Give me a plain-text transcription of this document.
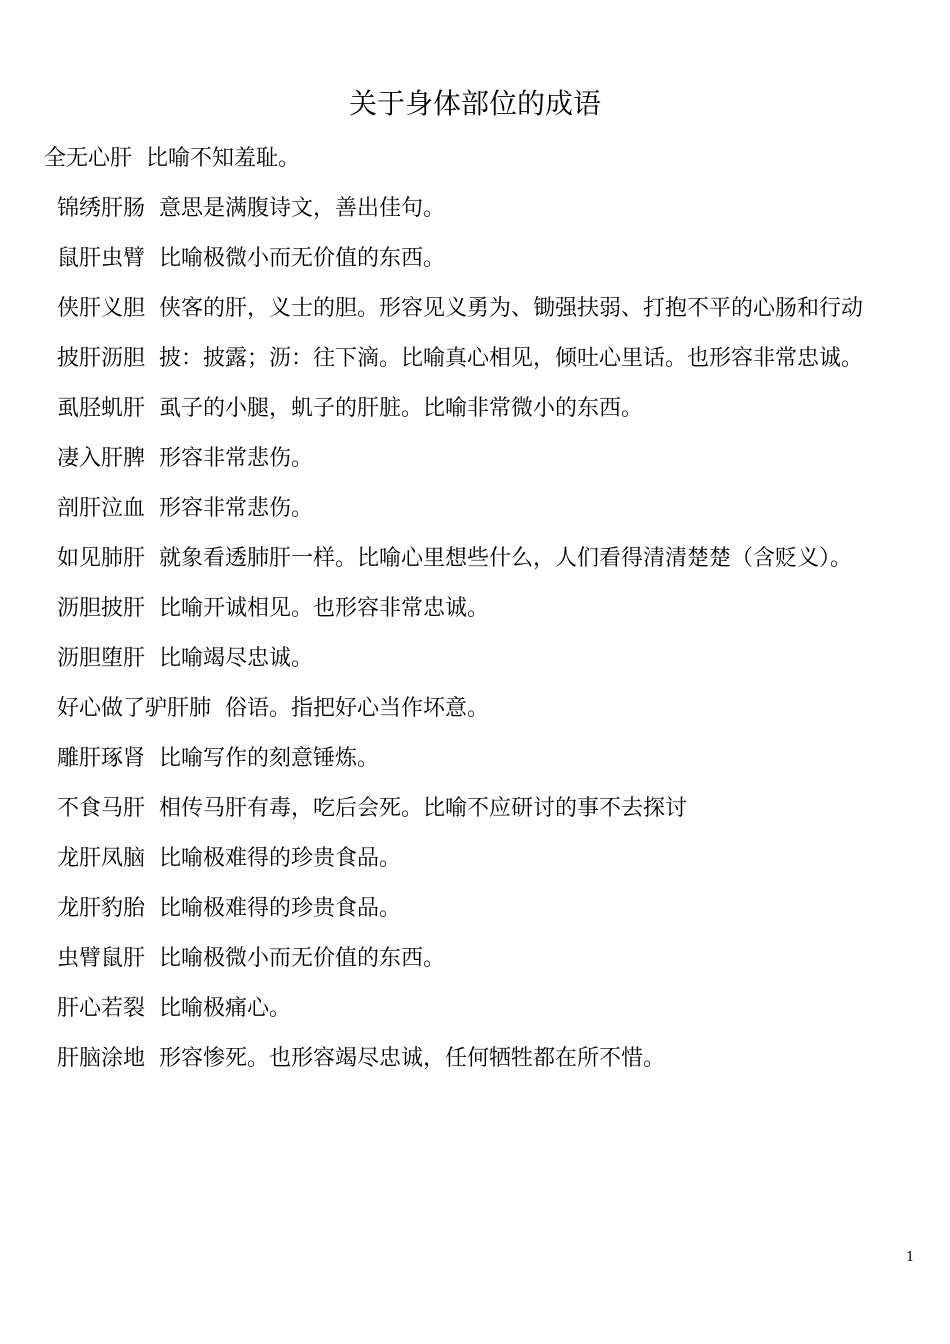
关于身体部位的成语

全无心肝 比喻不知羞耻。

锦绣肝肠 意思是满腹诗文，善出佳句。

鼠肝虫臂 比喻极微小而无价值的东西。

侠肝义胆 侠客的肝，义士的胆。形容见义勇为、锄强扶弱、打抱不平的心肠和行动

披肝沥胆 披：披露；沥：往下滴。比喻真心相见，倾吐心里话。也形容非常忠诚。

虱胫虮肝 虱子的小腿，虮子的肝脏。比喻非常微小的东西。

凄入肝脾 形容非常悲伤。

剖肝泣血 形容非常悲伤。

如见肺肝 就象看透肺肝一样。比喻心里想些什么，人们看得清清楚楚（含贬义）。

沥胆披肝 比喻开诚相见。也形容非常忠诚。

沥胆堕肝 比喻竭尽忠诚。

好心做了驴肝肺 俗语。指把好心当作坏意。

雕肝琢肾 比喻写作的刻意锤炼。

不食马肝 相传马肝有毒，吃后会死。比喻不应研讨的事不去探讨

龙肝凤脑 比喻极难得的珍贵食品。

龙肝豹胎 比喻极难得的珍贵食品。

虫臂鼠肝 比喻极微小而无价值的东西。

肝心若裂 比喻极痛心。

肝脑涂地 形容惨死。也形容竭尽忠诚，任何牺牲都在所不惜。

1
